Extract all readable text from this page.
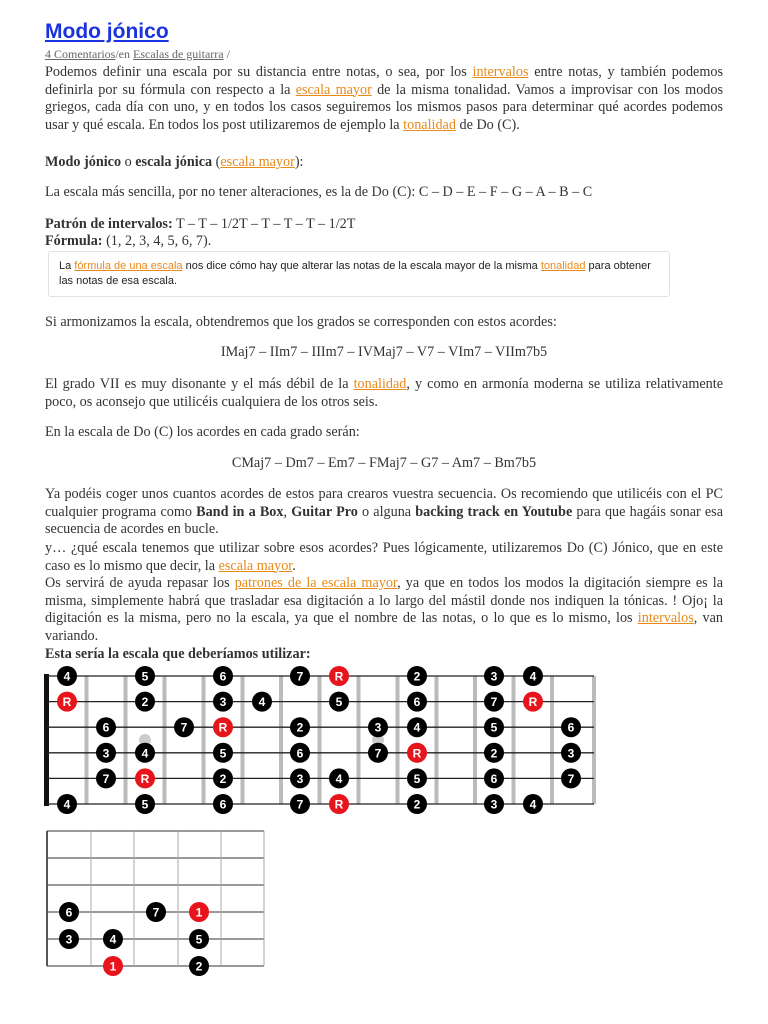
Modo jónico
4 Comentarios/en Escalas de guitarra /
Podemos definir una escala por su distancia entre notas, o sea, por los intervalos entre notas, y también podemos definirla por su fórmula con respecto a la escala mayor de la misma tonalidad. Vamos a improvisar con los modos griegos, cada día con uno, y en todos los casos seguiremos los mismos pasos para determinar qué acordes podemos usar y qué escala. En todos los post utilizaremos de ejemplo la tonalidad de Do (C).
Modo jónico o escala jónica (escala mayor):
La escala más sencilla, por no tener alteraciones, es la de Do (C): C – D – E – F – G – A – B – C
Patrón de intervalos: T – T – 1/2T – T – T – T – 1/2T
Fórmula: (1, 2, 3, 4, 5, 6, 7).
La fórmula de una escala nos dice cómo hay que alterar las notas de la escala mayor de la misma tonalidad para obtener las notas de esa escala.
Si armonizamos la escala, obtendremos que los grados se corresponden con estos acordes:
IMaj7 – IIm7 – IIIm7 – IVMaj7 – V7 – VIm7 – VIIm7b5
El grado VII es muy disonante y el más débil de la tonalidad, y como en armonía moderna se utiliza relativamente poco, os aconsejo que utilicéis cualquiera de los otros seis.
En la escala de Do (C) los acordes en cada grado serán:
CMaj7 – Dm7 – Em7 – FMaj7 – G7 – Am7 – Bm7b5
Ya podéis coger unos cuantos acordes de estos para crearos vuestra secuencia. Os recomiendo que utilicéis con el PC cualquier programa como Band in a Box, Guitar Pro o alguna backing track en Youtube para que hagáis sonar esa secuencia de acordes en bucle.
y… ¿qué escala tenemos que utilizar sobre esos acordes? Pues lógicamente, utilizaremos Do (C) Jónico, que en este caso es lo mismo que decir, la escala mayor.
Os servirá de ayuda repasar los patrones de la escala mayor, ya que en todos los modos la digitación siempre es la misma, simplemente habrá que trasladar esa digitación a lo largo del mástil donde nos indiquen la tónicas. ! Ojo¡ la digitación es la misma, pero no la escala, ya que el nombre de las notas, o lo que es lo mismo, los intervalos, van variando.
Esta sería la escala que deberíamos utilizar:
4	5	6	7	R	2	3	4
R	2	3	4	5	6	7	R
6	7	R	2	3	4	5	6
3	4	5	6	7	R	2	3
7	R	2	3	4	5	6	7
4	5	6	7	R	2	3	4
6	7	1
3	4	5
1	2
